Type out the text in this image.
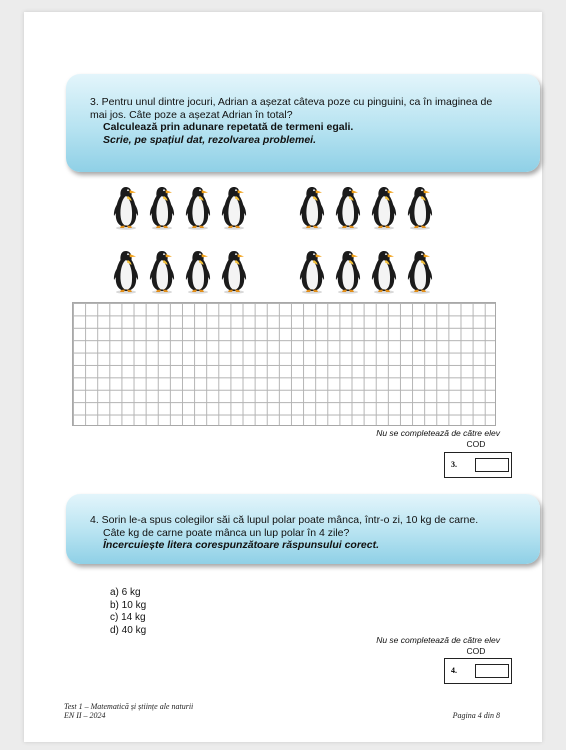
3. Pentru unul dintre jocuri, Adrian a așezat câteva poze cu pinguini, ca în imaginea de
mai jos. Câte poze a așezat Adrian în total?
Calculează prin adunare repetată de termeni egali.
Scrie, pe spațiul dat, rezolvarea problemei.
Nu se completează de către elev
COD
3.
4. Sorin le-a spus colegilor săi că lupul polar poate mânca, într-o zi, 10 kg de carne.
Câte kg de carne poate mânca un lup polar în 4 zile?
Încercuiește litera corespunzătoare răspunsului corect.
a) 6 kg
b) 10 kg
c) 14 kg
d) 40 kg
Nu se completează de către elev
COD
4.
Test 1 – Matematică și științe ale naturii
EN II – 2024	Pagina 4 din 8
